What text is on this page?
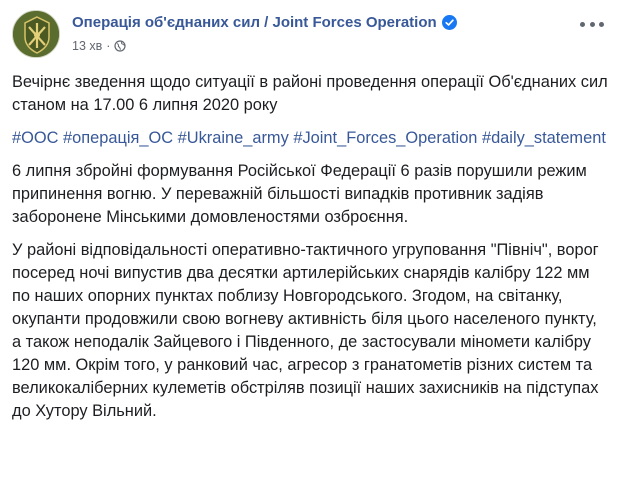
Операція об'єднаних сил / Joint Forces Operation
13 хв ·

Вечірнє зведення щодо ситуації в районі проведення операції Об'єднаних сил станом на 17.00 6 липня 2020 року

#ООС #операція_ОС #Ukraine_army #Joint_Forces_Operation #daily_statement

6 липня збройні формування Російської Федерації 6 разів порушили режим припинення вогню. У переважній більшості випадків противник задіяв заборонене Мінськими домовленостями озброєння.

У районі відповідальності оперативно-тактичного угруповання "Північ", ворог посеред ночі випустив два десятки артилерійських снарядів калібру 122 мм по наших опорних пунктах поблизу Новгородського. Згодом, на світанку, окупанти продовжили свою вогневу активність біля цього населеного пункту, а також неподалік Зайцевого і Південного, де застосували міномети калібру 120 мм. Окрім того, у ранковий час, агресор з гранатометів різних систем та великокаліберних кулеметів обстріляв позиції наших захисників на підступах до Хутору Вільний.
